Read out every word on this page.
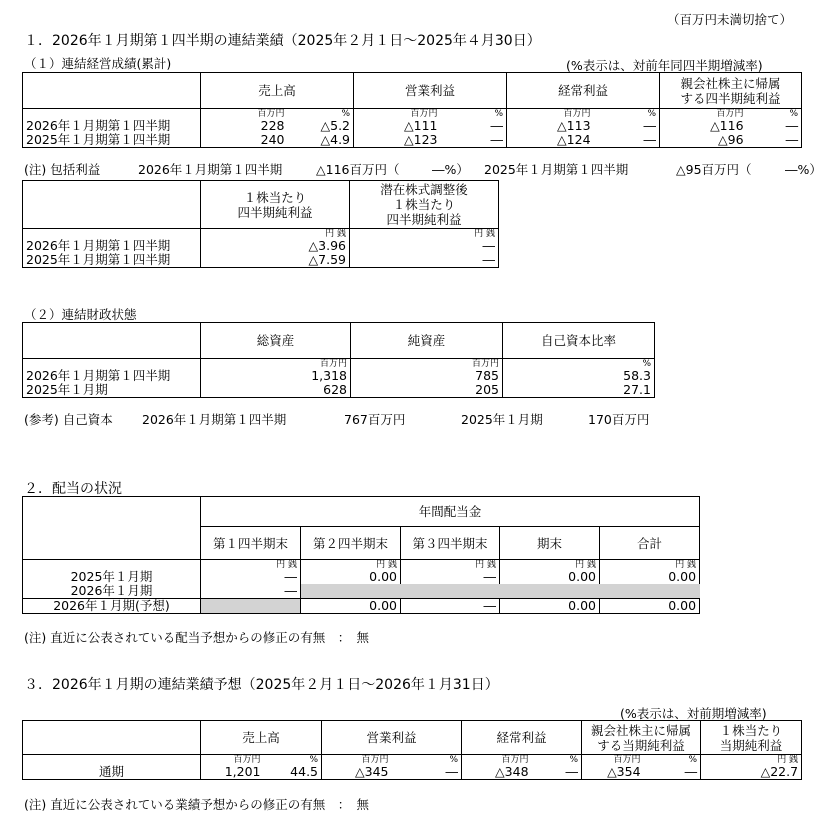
（百万円未満切捨て）
１．2026年１月期第１四半期の連結業績（2025年２月１日～2025年４月30日）
（１）連結経営成績(累計)	(%表示は、対前年同四半期増減率)
	売上高		営業利益		経常利益		親会社株主に帰属
する四半期純利益	
	百万円	%	百万円	%	百万円	%	百万円	%
2026年１月期第１四半期	228	△5.2	△111	―	△113	―	△116	―
2025年１月期第１四半期	240	△4.9	△123	―	△124	―	△96	―
(注) 包括利益	2026年１月期第１四半期	△116百万円（	―%） 2025年１月期第１四半期	△95百万円（	―%）
	１株当たり
四半期純利益	潜在株式調整後
１株当たり
四半期純利益
	円 銭	円 銭
2026年１月期第１四半期	△3.96	―
2025年１月期第１四半期	△7.59	―
（２）連結財政状態
	総資産	純資産	自己資本比率
	百万円	百万円	%
2026年１月期第１四半期	1,318	785	58.3
2025年１月期	628	205	27.1
(参考) 自己資本 2026年１月期第１四半期	767百万円	2025年１月期	170百万円
２．配当の状況
	年間配当金				
	第１四半期末	第２四半期末	第３四半期末	期末	合計
	円 銭	円 銭	円 銭	円 銭	円 銭
2025年１月期	―	0.00	―	0.00	0.00
2026年１月期	―				
2026年１月期(予想)		0.00	―	0.00	0.00
(注) 直近に公表されている配当予想からの修正の有無　：　無
３．2026年１月期の連結業績予想（2025年２月１日～2026年１月31日）
(%表示は、対前期増減率)
	売上高		営業利益		経常利益		親会社株主に帰属
する当期純利益		１株当たり
当期純利益
	百万円	%	百万円	%	百万円	%	百万円	%	円 銭
通期	1,201	44.5	△345	―	△348	―	△354	―	△22.7
(注) 直近に公表されている業績予想からの修正の有無　：　無
